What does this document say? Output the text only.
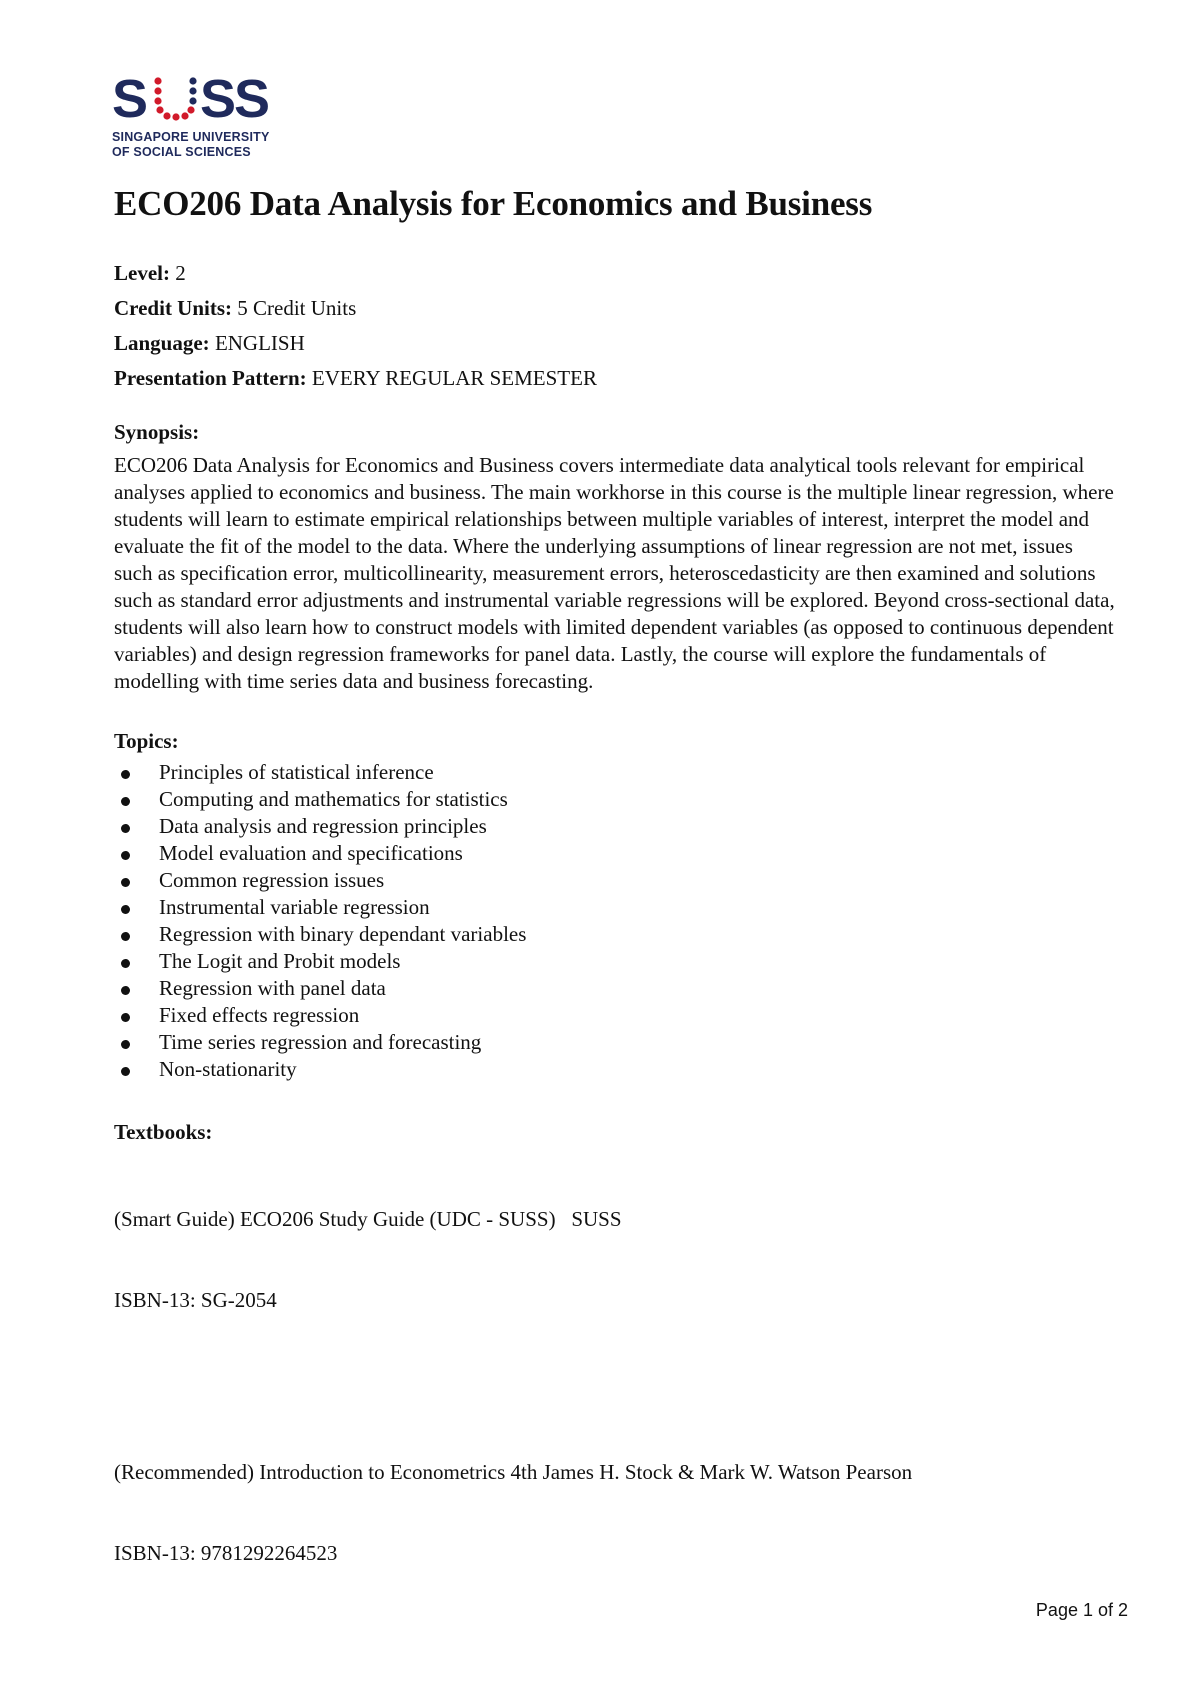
S S
S
SINGAPORE UNIVERSITY
OF SOCIAL SCIENCES
ECO206 Data Analysis for Economics and Business
Level: 2
Credit Units: 5 Credit Units
Language: ENGLISH
Presentation Pattern: EVERY REGULAR SEMESTER

Synopsis:

ECO206 Data Analysis for Economics and Business covers intermediate data analytical tools relevant for empirical analyses applied to economics and business. The main workhorse in this course is the multiple linear regression, where students will learn to estimate empirical relationships between multiple variables of interest, interpret the model and evaluate the fit of the model to the data. Where the underlying assumptions of linear regression are not met, issues such as specification error, multicollinearity, measurement errors, heteroscedasticity are then examined and solutions such as standard error adjustments and instrumental variable regressions will be explored. Beyond cross-sectional data, students will also learn how to construct models with limited dependent variables (as opposed to continuous dependent variables) and design regression frameworks for panel data. Lastly, the course will explore the fundamentals of modelling with time series data and business forecasting.

Topics:

Principles of statistical inference
Computing and mathematics for statistics
Data analysis and regression principles
Model evaluation and specifications
Common regression issues
Instrumental variable regression
Regression with binary dependant variables
The Logit and Probit models
Regression with panel data
Fixed effects regression
Time series regression and forecasting
Non-stationarity

Textbooks:

(Smart Guide) ECO206 Study Guide (UDC - SUSS)   SUSS

ISBN-13: SG-2054

(Recommended) Introduction to Econometrics 4th James H. Stock & Mark W. Watson Pearson

ISBN-13: 9781292264523

Page 1 of 2
